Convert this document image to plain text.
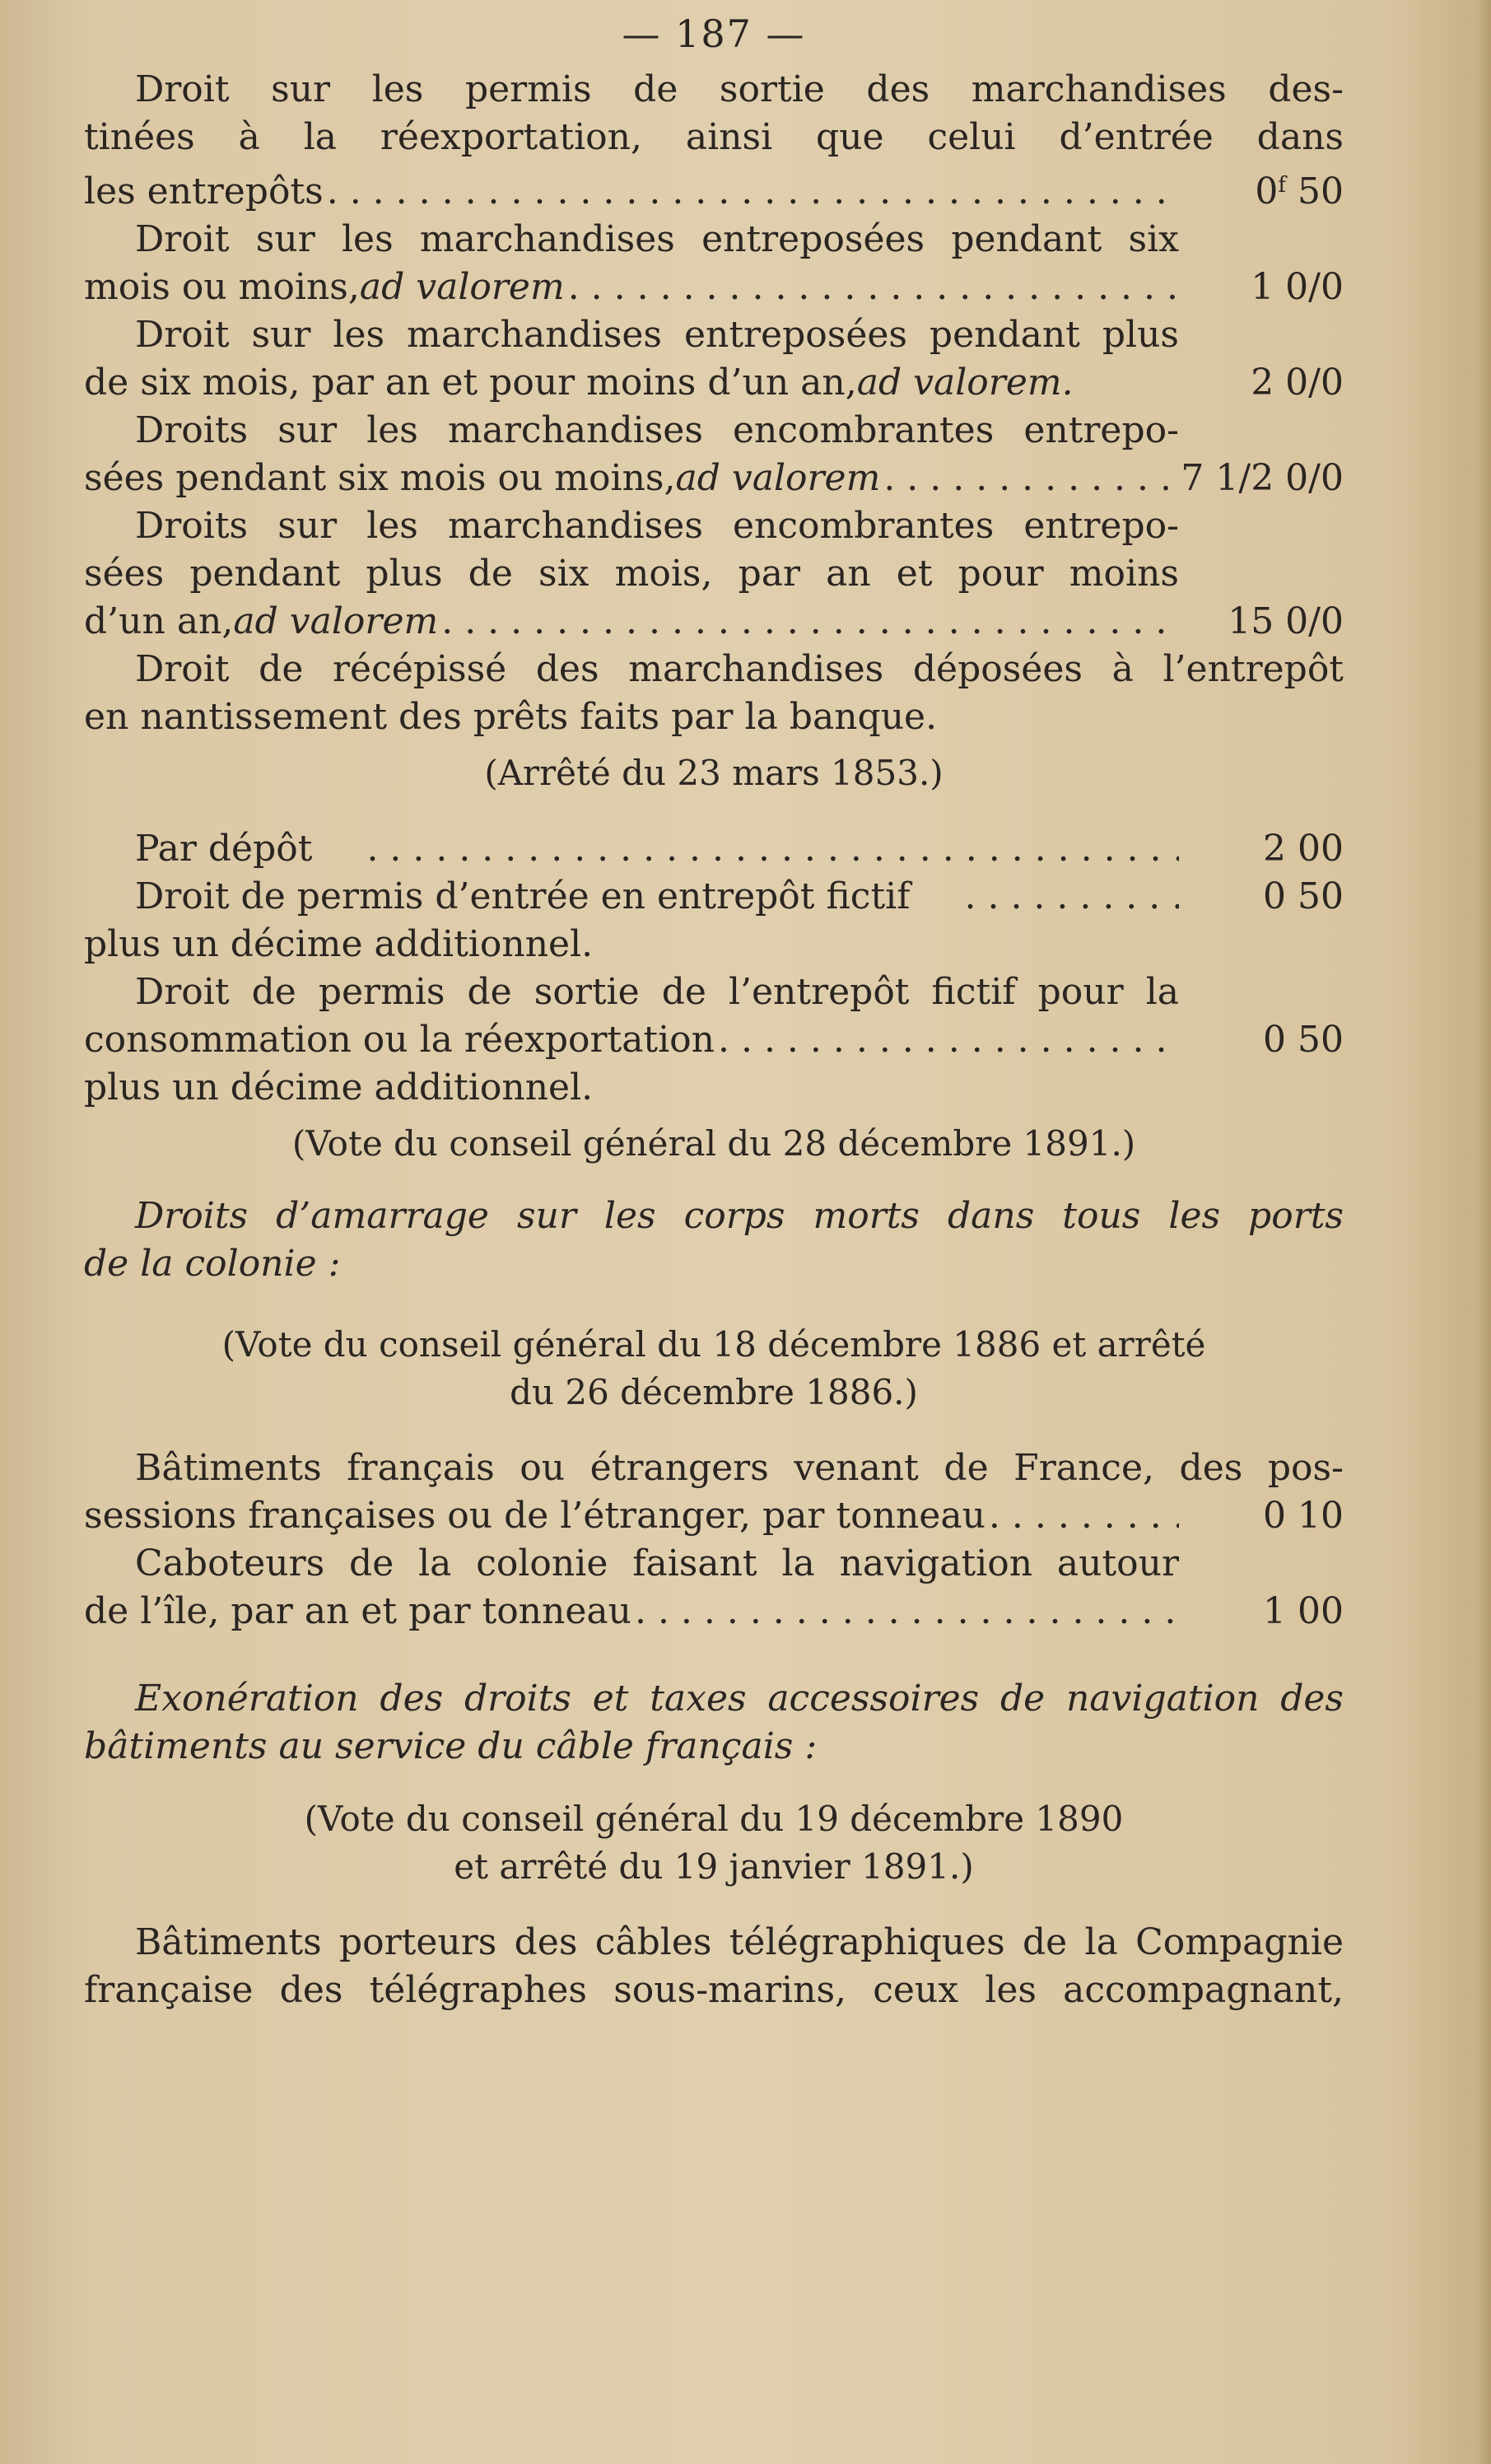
— 187 —
Droit sur les permis de sortie des marchandises des-
tinées à la réexportation, ainsi que celui d’entrée dans
les entrepôts . . .	0$^f$ 50
Droit sur les marchandises entreposées pendant six
mois ou moins, ad valorem . . .	1 0/0
Droit sur les marchandises entreposées pendant plus
de six mois, par an et pour moins d’un an, ad valorem.	2 0/0
Droits sur les marchandises encombrantes entrepo-
sées pendant six mois ou moins, ad valorem . . .	7 1/2 0/0
Droits sur les marchandises encombrantes entrepo-
sées pendant plus de six mois, par an et pour moins
d’un an, ad valorem . . .	15 0/0
Droit de récépissé des marchandises déposées à l’entrepôt
en nantissement des prêts faits par la banque.
(Arrêté du 23 mars 1853.)
Par dépôt . . .	2 00
Droit de permis d’entrée en entrepôt fictif . . .	0 50
plus un décime additionnel.
Droit de permis de sortie de l’entrepôt fictif pour la
consommation ou la réexportation . . .	0 50
plus un décime additionnel.
(Vote du conseil général du 28 décembre 1891.)
Droits d’amarrage sur les corps morts dans tous les ports
de la colonie :
(Vote du conseil général du 18 décembre 1886 et arrêté
du 26 décembre 1886.)
Bâtiments français ou étrangers venant de France, des pos-
sessions françaises ou de l’étranger, par tonneau . . .	0 10
Caboteurs de la colonie faisant la navigation autour
de l’île, par an et par tonneau . . .	1 00
Exonération des droits et taxes accessoires de navigation des
bâtiments au service du câble français :
(Vote du conseil général du 19 décembre 1890
et arrêté du 19 janvier 1891.)
Bâtiments porteurs des câbles télégraphiques de la Compagnie
française des télégraphes sous-marins, ceux les accompagnant,
